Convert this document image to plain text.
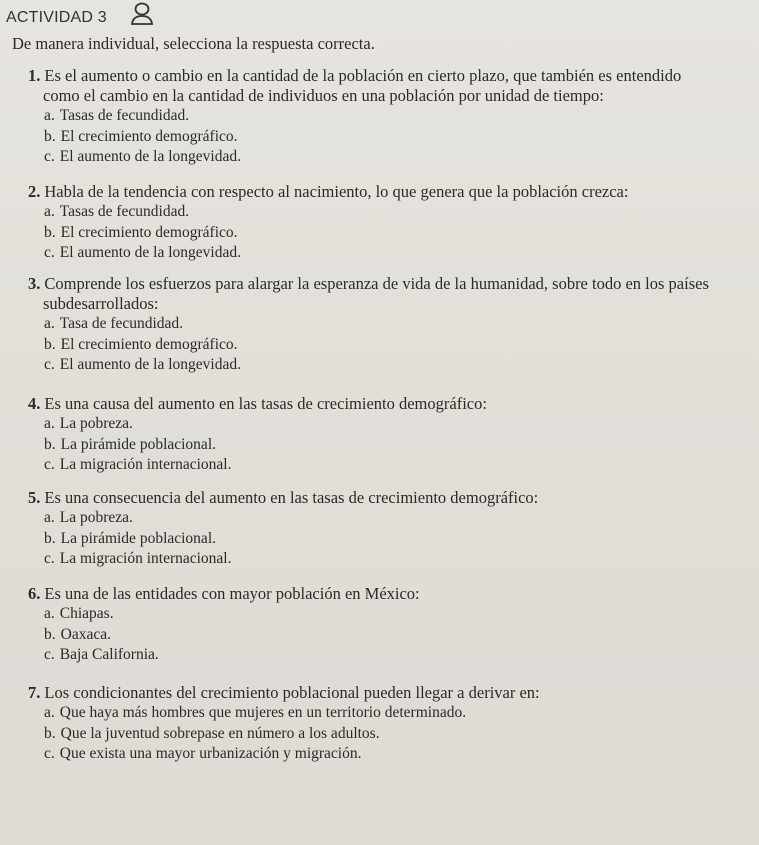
ACTIVIDAD 3
De manera individual, selecciona la respuesta correcta.
1. Es el aumento o cambio en la cantidad de la población en cierto plazo, que también es entendido
como el cambio en la cantidad de individuos en una población por unidad de tiempo:
a. Tasas de fecundidad.
b. El crecimiento demográfico.
c. El aumento de la longevidad.
2. Habla de la tendencia con respecto al nacimiento, lo que genera que la población crezca:
a. Tasas de fecundidad.
b. El crecimiento demográfico.
c. El aumento de la longevidad.
3. Comprende los esfuerzos para alargar la esperanza de vida de la humanidad, sobre todo en los países
subdesarrollados:
a. Tasa de fecundidad.
b. El crecimiento demográfico.
c. El aumento de la longevidad.
4. Es una causa del aumento en las tasas de crecimiento demográfico:
a. La pobreza.
b. La pirámide poblacional.
c. La migración internacional.
5. Es una consecuencia del aumento en las tasas de crecimiento demográfico:
a. La pobreza.
b. La pirámide poblacional.
c. La migración internacional.
6. Es una de las entidades con mayor población en México:
a. Chiapas.
b. Oaxaca.
c. Baja California.
7. Los condicionantes del crecimiento poblacional pueden llegar a derivar en:
a. Que haya más hombres que mujeres en un territorio determinado.
b. Que la juventud sobrepase en número a los adultos.
c. Que exista una mayor urbanización y migración.
